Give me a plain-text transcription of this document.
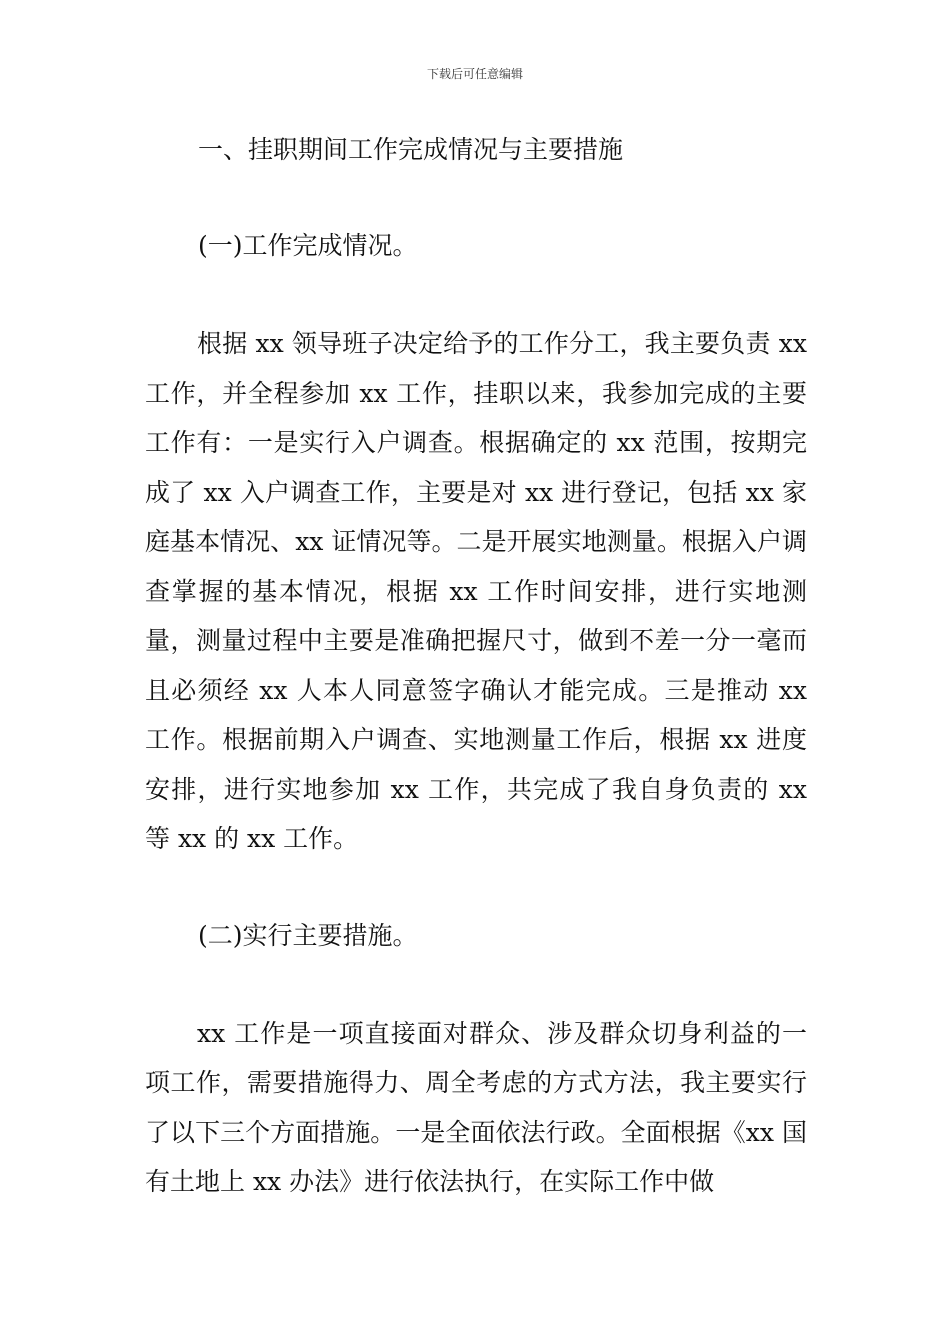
下载后可任意编辑
一、挂职期间工作完成情况与主要措施
(一)工作完成情况。

根据 xx 领导班子决定给予的工作分工，我主要负责 xx 工作，并全程参加 xx 工作，挂职以来，我参加完成的主要工作有：一是实行入户调查。根据确定的 xx 范围，按期完成了 xx 入户调查工作，主要是对 xx 进行登记，包括 xx 家庭基本情况、xx 证情况等。二是开展实地测量。根据入户调查掌握的基本情况，根据 xx 工作时间安排，进行实地测量，测量过程中主要是准确把握尺寸，做到不差一分一毫而且必须经 xx 人本人同意签字确认才能完成。三是推动 xx 工作。根据前期入户调查、实地测量工作后，根据 xx 进度安排，进行实地参加 xx 工作，共完成了我自身负责的 xx 等 xx 的 xx 工作。

(二)实行主要措施。

xx 工作是一项直接面对群众、涉及群众切身利益的一项工作，需要措施得力、周全考虑的方式方法，我主要实行了以下三个方面措施。一是全面依法行政。全面根据《xx 国有土地上 xx 办法》进行依法执行，在实际工作中做
